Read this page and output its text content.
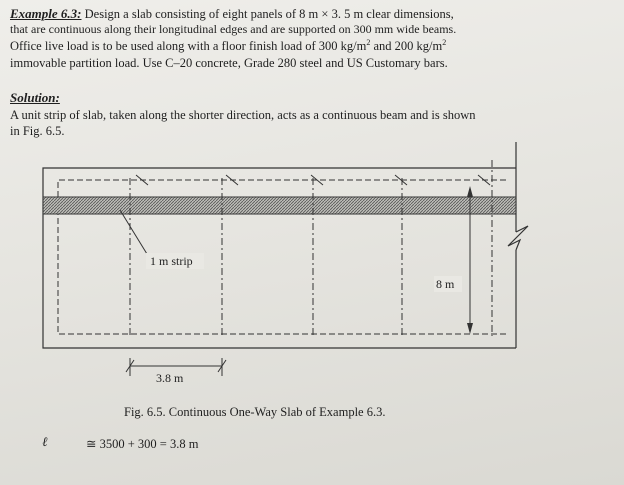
Example 6.3: Design a slab consisting of eight panels of 8 m × 3. 5 m clear dimensions,
that are continuous along their longitudinal edges and are supported on 300 mm wide beams.
Office live load is to be used along with a floor finish load of 300 $kg/m^2$ and 200 $kg/m^2$
immovable partition load. Use C–20 concrete, Grade 280 steel and US Customary bars.
Solution:
A unit strip of slab, taken along the shorter direction, acts as a continuous beam and is shown
in Fig. 6.5.
1 m strip
8 m
3.8 m
Fig. 6.5. Continuous One-Way Slab of Example 6.3.
ℓ	≅ 3500 + 300 = 3.8 m
